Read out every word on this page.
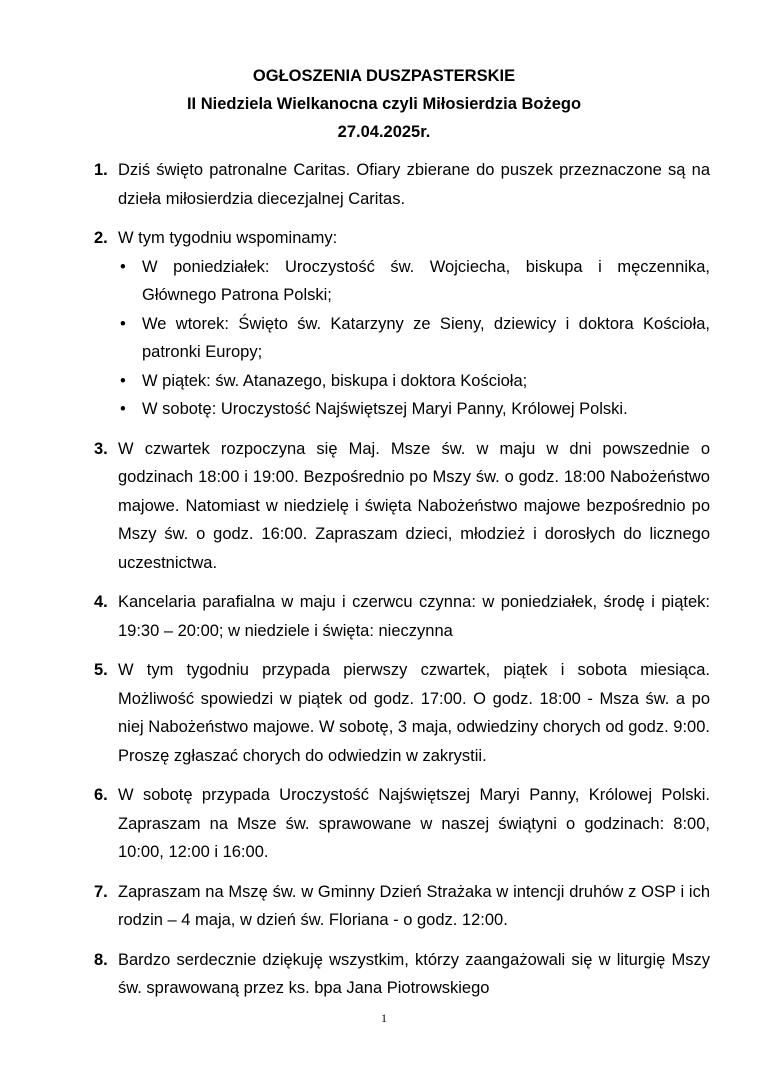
OGŁOSZENIA DUSZPASTERSKIE
II Niedziela Wielkanocna czyli Miłosierdzia Bożego
27.04.2025r.
1. Dziś święto patronalne Caritas. Ofiary zbierane do puszek przeznaczone są na dzieła miłosierdzia diecezjalnej Caritas.
2. W tym tygodniu wspominamy:
• W poniedziałek: Uroczystość św. Wojciecha, biskupa i męczennika, Głównego Patrona Polski;
• We wtorek: Święto św. Katarzyny ze Sieny, dziewicy i doktora Kościoła, patronki Europy;
• W piątek: św. Atanazego, biskupa i doktora Kościoła;
• W sobotę: Uroczystość Najświętszej Maryi Panny, Królowej Polski.
3. W czwartek rozpoczyna się Maj. Msze św. w maju w dni powszednie o godzinach 18:00 i 19:00. Bezpośrednio po Mszy św. o godz. 18:00 Nabożeństwo majowe. Natomiast w niedzielę i święta Nabożeństwo majowe bezpośrednio po Mszy św. o godz. 16:00. Zapraszam dzieci, młodzież i dorosłych do licznego uczestnictwa.
4. Kancelaria parafialna w maju i czerwcu czynna: w poniedziałek, środę i piątek: 19:30 – 20:00; w niedziele i święta: nieczynna
5. W tym tygodniu przypada pierwszy czwartek, piątek i sobota miesiąca. Możliwość spowiedzi w piątek od godz. 17:00. O godz. 18:00 - Msza św. a po niej Nabożeństwo majowe. W sobotę, 3 maja, odwiedziny chorych od godz. 9:00. Proszę zgłaszać chorych do odwiedzin w zakrystii.
6. W sobotę przypada Uroczystość Najświętszej Maryi Panny, Królowej Polski. Zapraszam na Msze św. sprawowane w naszej świątyni o godzinach: 8:00, 10:00, 12:00 i 16:00.
7. Zapraszam na Mszę św. w Gminny Dzień Strażaka w intencji druhów z OSP i ich rodzin – 4 maja, w dzień św. Floriana - o godz. 12:00.
8. Bardzo serdecznie dziękuję wszystkim, którzy zaangażowali się w liturgię Mszy św. sprawowaną przez ks. bpa Jana Piotrowskiego
1
